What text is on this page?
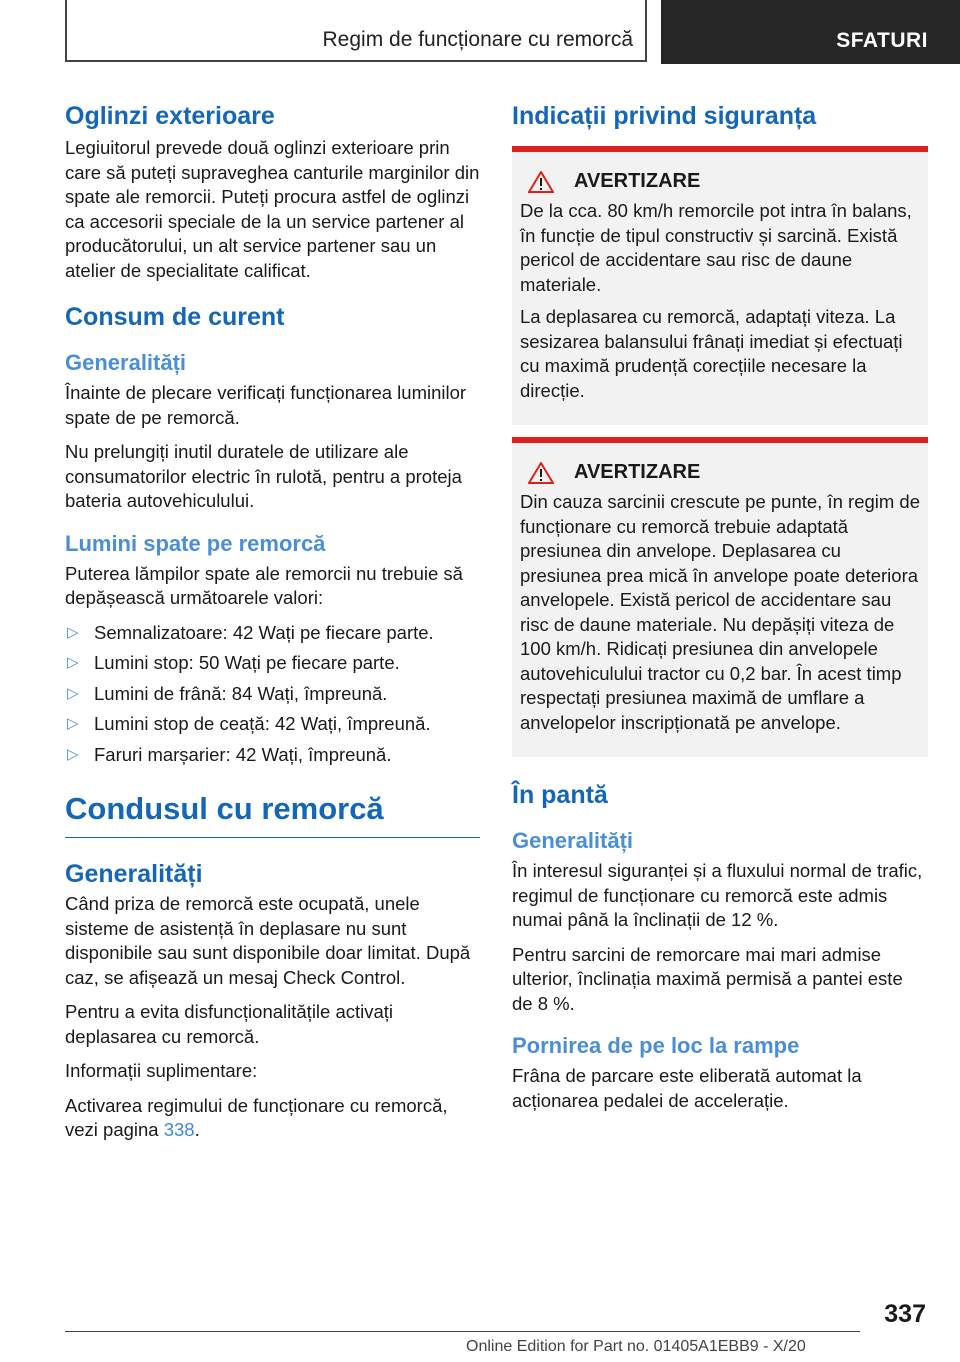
Regim de funcționare cu remorcă	SFATURI
Oglinzi exterioare

Legiuitorul prevede două oglinzi exterioare prin care să puteți supraveghea canturile marginilor din spate ale remorcii. Puteți procura astfel de oglinzi ca accesorii speciale de la un service partener al producătorului, un alt service partener sau un atelier de specialitate calificat.

Consum de curent
Generalități

Înainte de plecare verificați funcționarea luminilor spate de pe remorcă.

Nu prelungiți inutil duratele de utilizare ale consumatorilor electric în rulotă, pentru a proteja bateria autovehiculului.

Lumini spate pe remorcă

Puterea lămpilor spate ale remorcii nu trebuie să depășească următoarele valori:

▷ Semnalizatoare: 42 Wați pe fiecare parte.
▷ Lumini stop: 50 Wați pe fiecare parte.
▷ Lumini de frână: 84 Wați, împreună.
▷ Lumini stop de ceață: 42 Wați, împreună.
▷ Faruri marșarier: 42 Wați, împreună.
Condusul cu remorcă
Generalități

Când priza de remorcă este ocupată, unele sisteme de asistență în deplasare nu sunt disponibile sau sunt disponibile doar limitat. După caz, se afișează un mesaj Check Control.

Pentru a evita disfuncționalitățile activați deplasarea cu remorcă.

Informații suplimentare:

Activarea regimului de funcționare cu remorcă, vezi pagina 338.

Indicații privind siguranța
AVERTIZARE

De la cca. 80 km/h remorcile pot intra în balans, în funcție de tipul constructiv și sarcină. Există pericol de accidentare sau risc de daune materiale.

La deplasarea cu remorcă, adaptați viteza. La sesizarea balansului frânați imediat și efectuați cu maximă prudență corecțiile necesare la direcție.

AVERTIZARE

Din cauza sarcinii crescute pe punte, în regim de funcționare cu remorcă trebuie adaptată presiunea din anvelope. Deplasarea cu presiunea prea mică în anvelope poate deteriora anvelopele. Există pericol de accidentare sau risc de daune materiale. Nu depășiți viteza de 100 km/h. Ridicați presiunea din anvelopele autovehiculului tractor cu 0,2 bar. În acest timp respectați presiunea maximă de umflare a anvelopelor inscripționată pe anvelope.

În pantă
Generalități

În interesul siguranței și a fluxului normal de trafic, regimul de funcționare cu remorcă este admis numai până la înclinații de 12 %.

Pentru sarcini de remorcare mai mari admise ulterior, înclinația maximă permisă a pantei este de 8 %.

Pornirea de pe loc la rampe

Frâna de parcare este eliberată automat la acționarea pedalei de accelerație.

337
Online Edition for Part no. 01405A1EBB9 - X/20
